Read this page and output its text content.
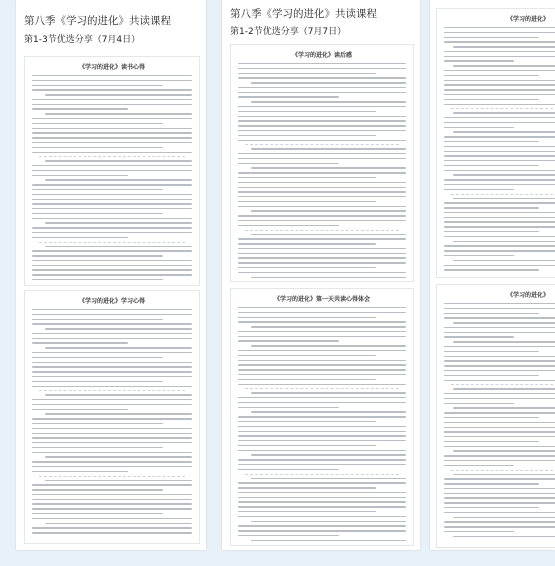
第八季《学习的进化》共读课程
第1-3节优选分享（7月4日）
《学习的进化》读书心得
《学习的进化》学习心得
第八季《学习的进化》共读课程
第1-2节优选分享（7月7日）
《学习的进化》读后感
《学习的进化》第一天共读心得体会
《学习的进化》
《学习的进化》
